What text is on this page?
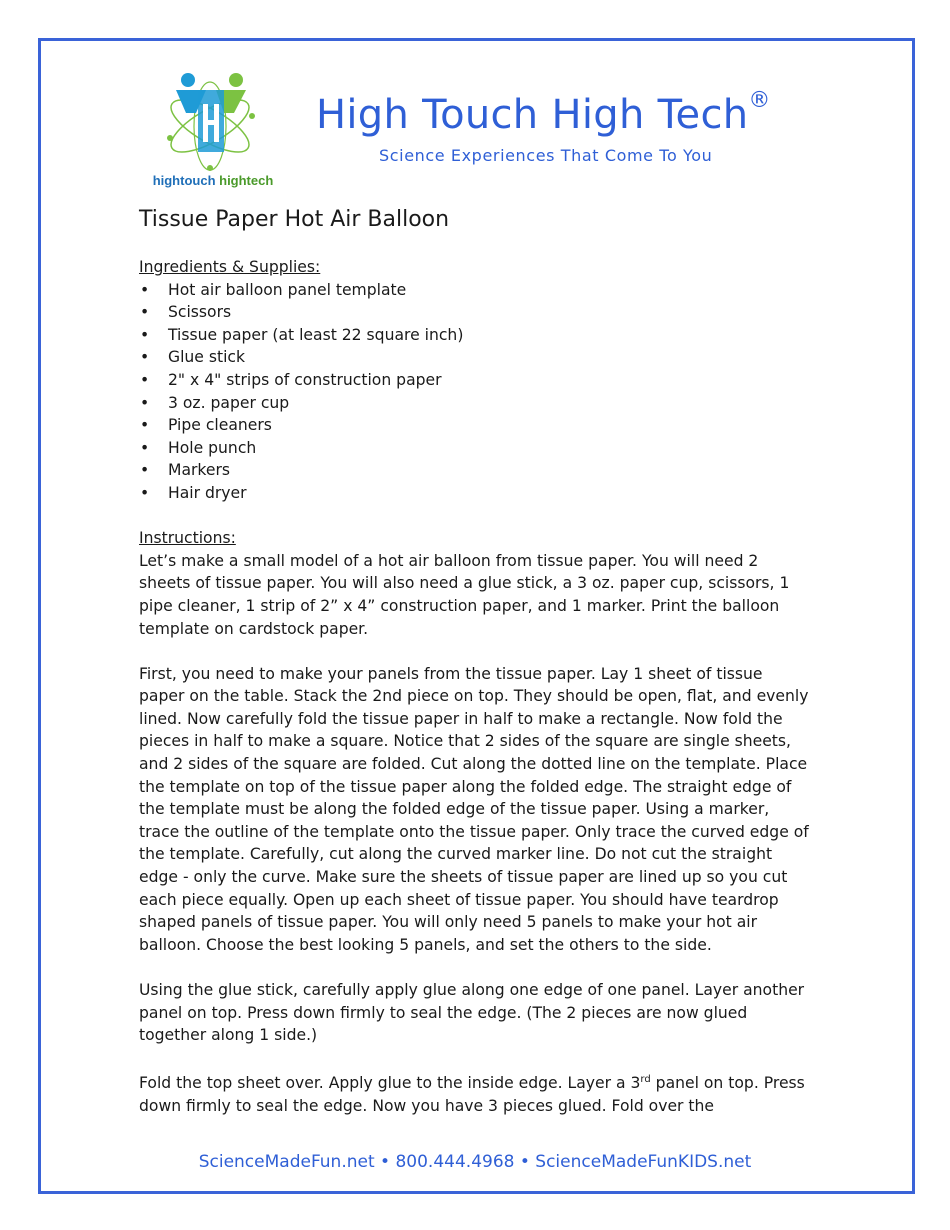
hightouch hightech
High Touch High Tech®
Science Experiences That Come To You
Tissue Paper Hot Air Balloon
Ingredients & Supplies:
• Hot air balloon panel template
• Scissors
• Tissue paper (at least 22 square inch)
• Glue stick
• 2" x 4" strips of construction paper
• 3 oz. paper cup
• Pipe cleaners
• Hole punch
• Markers
• Hair dryer
Instructions:

Let’s make a small model of a hot air balloon from tissue paper. You will need 2 sheets of tissue paper. You will also need a glue stick, a 3 oz. paper cup, scissors, 1 pipe cleaner, 1 strip of 2” x 4” construction paper, and 1 marker. Print the balloon template on cardstock paper.

First, you need to make your panels from the tissue paper. Lay 1 sheet of tissue paper on the table. Stack the 2nd piece on top. They should be open, flat, and evenly lined. Now carefully fold the tissue paper in half to make a rectangle. Now fold the pieces in half to make a square. Notice that 2 sides of the square are single sheets, and 2 sides of the square are folded. Cut along the dotted line on the template. Place the template on top of the tissue paper along the folded edge. The straight edge of the template must be along the folded edge of the tissue paper. Using a marker, trace the outline of the template onto the tissue paper. Only trace the curved edge of the template. Carefully, cut along the curved marker line. Do not cut the straight edge - only the curve. Make sure the sheets of tissue paper are lined up so you cut each piece equally. Open up each sheet of tissue paper. You should have teardrop shaped panels of tissue paper. You will only need 5 panels to make your hot air balloon. Choose the best looking 5 panels, and set the others to the side.

Using the glue stick, carefully apply glue along one edge of one panel. Layer another panel on top. Press down firmly to seal the edge. (The 2 pieces are now glued together along 1 side.)

Fold the top sheet over. Apply glue to the inside edge. Layer a 3rd panel on top. Press down firmly to seal the edge. Now you have 3 pieces glued. Fold over the

ScienceMadeFun.net • 800.444.4968 • ScienceMadeFunKIDS.net
